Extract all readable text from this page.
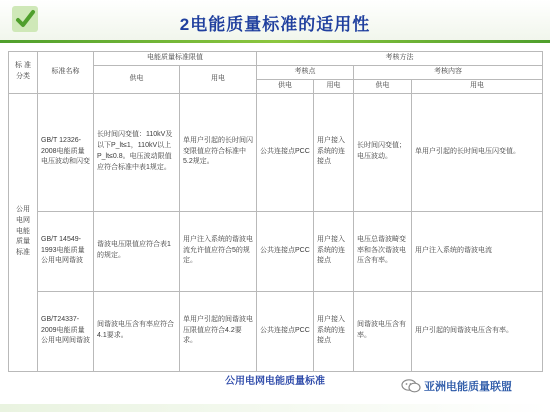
2电能质量标准的适用性
标 准 分类	标准名称	电能质量标准限值		考核方法			
		供电	用电	考核点		考核内容	
				供电	用电	供电	用电
公用 电网 电能 质量 标准	GB/T 12326-2008电能质量电压波动和闪变	长时间闪变值：110kV及以下P_lt≤1，110kV以上P_lt≤0.8。电压波动限值应符合标准中表1规定。	单用户引起的长时间闪变限值应符合标准中5.2规定。	公共连接点PCC	用户接入系统的连接点	长时间闪变值；电压波动。	单用户引起的长时间电压闪变值。
	GB/T 14549-1993电能质量公用电网谐波	谐波电压限值应符合表1的规定。	用户注入系统的谐波电流允许值应符合5的规定。	公共连接点PCC	用户接入系统的连接点	电压总谐波畸变率和各次谐波电压含有率。	用户注入系统的谐波电流
	GB/T24337-2009电能质量公用电网间谐波	间谐波电压含有率应符合4.1要求。	单用户引起的间谐波电压限值应符合4.2要求。	公共连接点PCC	用户接入系统的连接点	间谐波电压含有率。	用户引起的间谐波电压含有率。
公用电网电能质量标准	亚洲电能质量联盟
